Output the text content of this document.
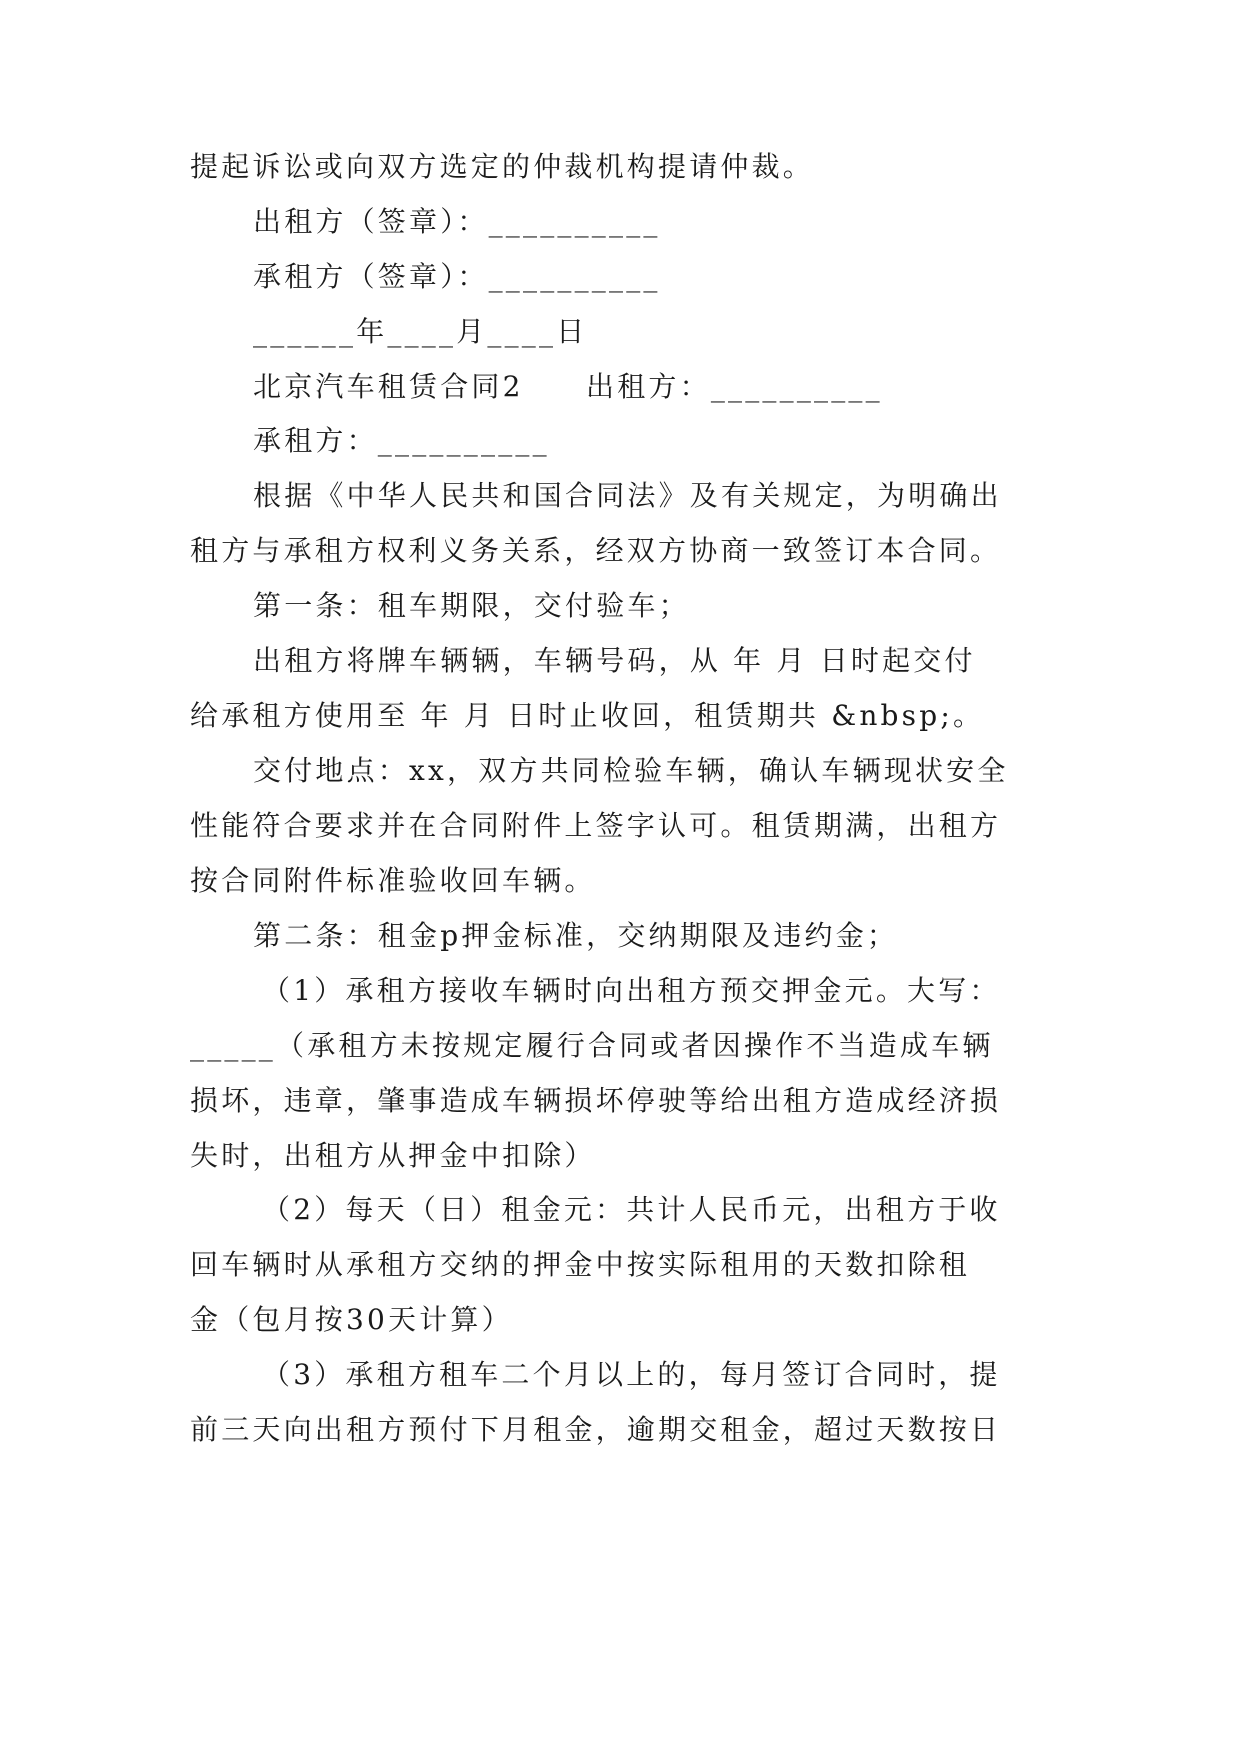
提起诉讼或向双方选定的仲裁机构提请仲裁。
出租方（签章）：__________
承租方（签章）：__________
______年____月____日
北京汽车租赁合同2　　出租方：__________
承租方：__________
根据《中华人民共和国合同法》及有关规定，为明确出
租方与承租方权利义务关系，经双方协商一致签订本合同。
第一条：租车期限，交付验车；
出租方将牌车辆辆，车辆号码，从 年 月 日时起交付
给承租方使用至 年 月 日时止收回，租赁期共 &nbsp;。
交付地点：xx，双方共同检验车辆，确认车辆现状安全
性能符合要求并在合同附件上签字认可。租赁期满，出租方
按合同附件标准验收回车辆。
第二条：租金p押金标准，交纳期限及违约金；
（1）承租方接收车辆时向出租方预交押金元。大写：
_____（承租方未按规定履行合同或者因操作不当造成车辆
损坏，违章，肇事造成车辆损坏停驶等给出租方造成经济损
失时，出租方从押金中扣除）
（2）每天（日）租金元：共计人民币元，出租方于收
回车辆时从承租方交纳的押金中按实际租用的天数扣除租
金（包月按30天计算）
（3）承租方租车二个月以上的，每月签订合同时，提
前三天向出租方预付下月租金，逾期交租金，超过天数按日
